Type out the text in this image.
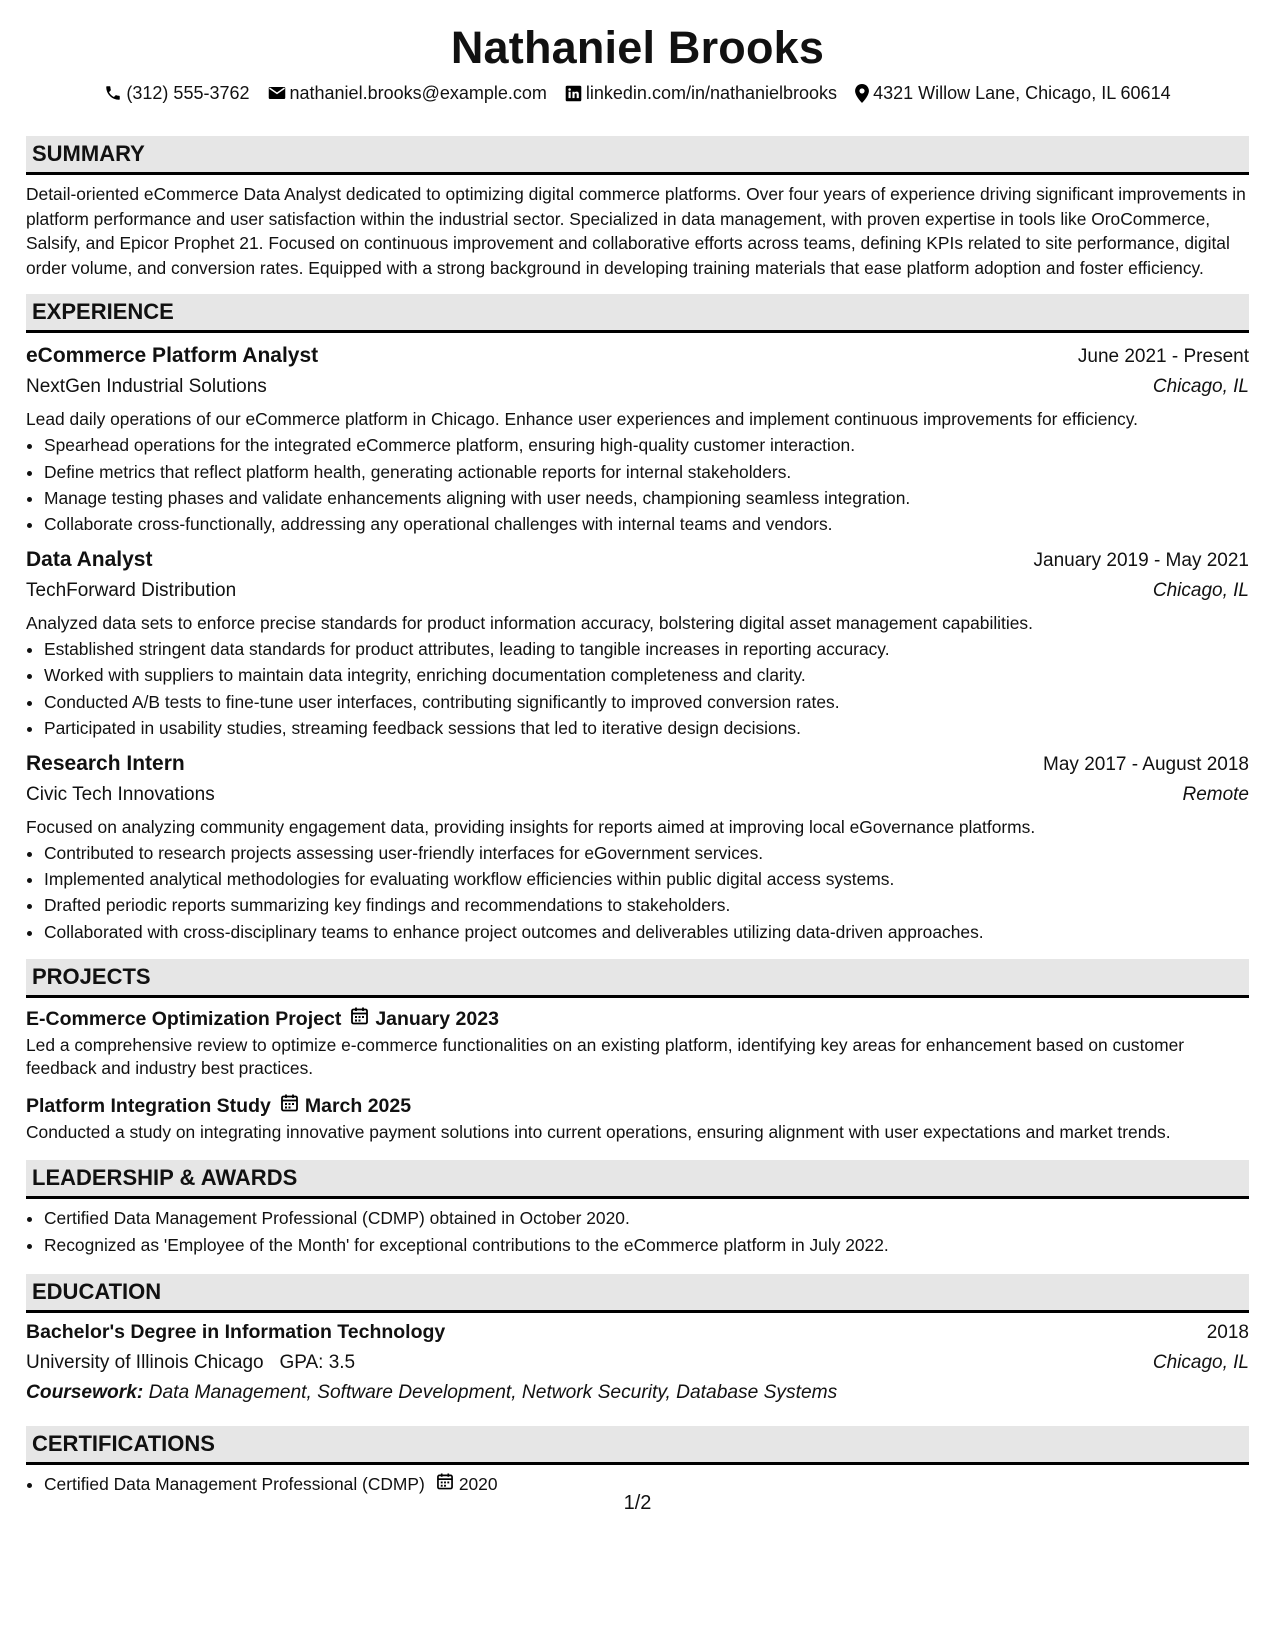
Nathaniel Brooks
(312) 555-3762 nathaniel.brooks@example.com linkedin.com/in/nathanielbrooks 4321 Willow Lane, Chicago, IL 60614
SUMMARY

Detail-oriented eCommerce Data Analyst dedicated to optimizing digital commerce platforms. Over four years of experience driving significant improvements in platform performance and user satisfaction within the industrial sector. Specialized in data management, with proven expertise in tools like OroCommerce, Salsify, and Epicor Prophet 21. Focused on continuous improvement and collaborative efforts across teams, defining KPIs related to site performance, digital order volume, and conversion rates. Equipped with a strong background in developing training materials that ease platform adoption and foster efficiency.

EXPERIENCE
eCommerce Platform Analyst	June 2021 - Present
NextGen Industrial Solutions	Chicago, IL
Lead daily operations of our eCommerce platform in Chicago. Enhance user experiences and implement continuous improvements for efficiency.
• Spearhead operations for the integrated eCommerce platform, ensuring high-quality customer interaction.
• Define metrics that reflect platform health, generating actionable reports for internal stakeholders.
• Manage testing phases and validate enhancements aligning with user needs, championing seamless integration.
• Collaborate cross-functionally, addressing any operational challenges with internal teams and vendors.
Data Analyst	January 2019 - May 2021
TechForward Distribution	Chicago, IL
Analyzed data sets to enforce precise standards for product information accuracy, bolstering digital asset management capabilities.
• Established stringent data standards for product attributes, leading to tangible increases in reporting accuracy.
• Worked with suppliers to maintain data integrity, enriching documentation completeness and clarity.
• Conducted A/B tests to fine-tune user interfaces, contributing significantly to improved conversion rates.
• Participated in usability studies, streaming feedback sessions that led to iterative design decisions.
Research Intern	May 2017 - August 2018
Civic Tech Innovations	Remote
Focused on analyzing community engagement data, providing insights for reports aimed at improving local eGovernance platforms.
• Contributed to research projects assessing user-friendly interfaces for eGovernment services.
• Implemented analytical methodologies for evaluating workflow efficiencies within public digital access systems.
• Drafted periodic reports summarizing key findings and recommendations to stakeholders.
• Collaborated with cross-disciplinary teams to enhance project outcomes and deliverables utilizing data-driven approaches.
PROJECTS
E-Commerce Optimization Project January 2023
Led a comprehensive review to optimize e-commerce functionalities on an existing platform, identifying key areas for enhancement based on customer feedback and industry best practices.
Platform Integration Study March 2025
Conducted a study on integrating innovative payment solutions into current operations, ensuring alignment with user expectations and market trends.
LEADERSHIP & AWARDS
• Certified Data Management Professional (CDMP) obtained in October 2020.
• Recognized as 'Employee of the Month' for exceptional contributions to the eCommerce platform in July 2022.
EDUCATION
Bachelor's Degree in Information Technology	2018
University of Illinois Chicago GPA: 3.5	Chicago, IL
Coursework: Data Management, Software Development, Network Security, Database Systems
CERTIFICATIONS
• Certified Data Management Professional (CDMP) 2020
1/2
